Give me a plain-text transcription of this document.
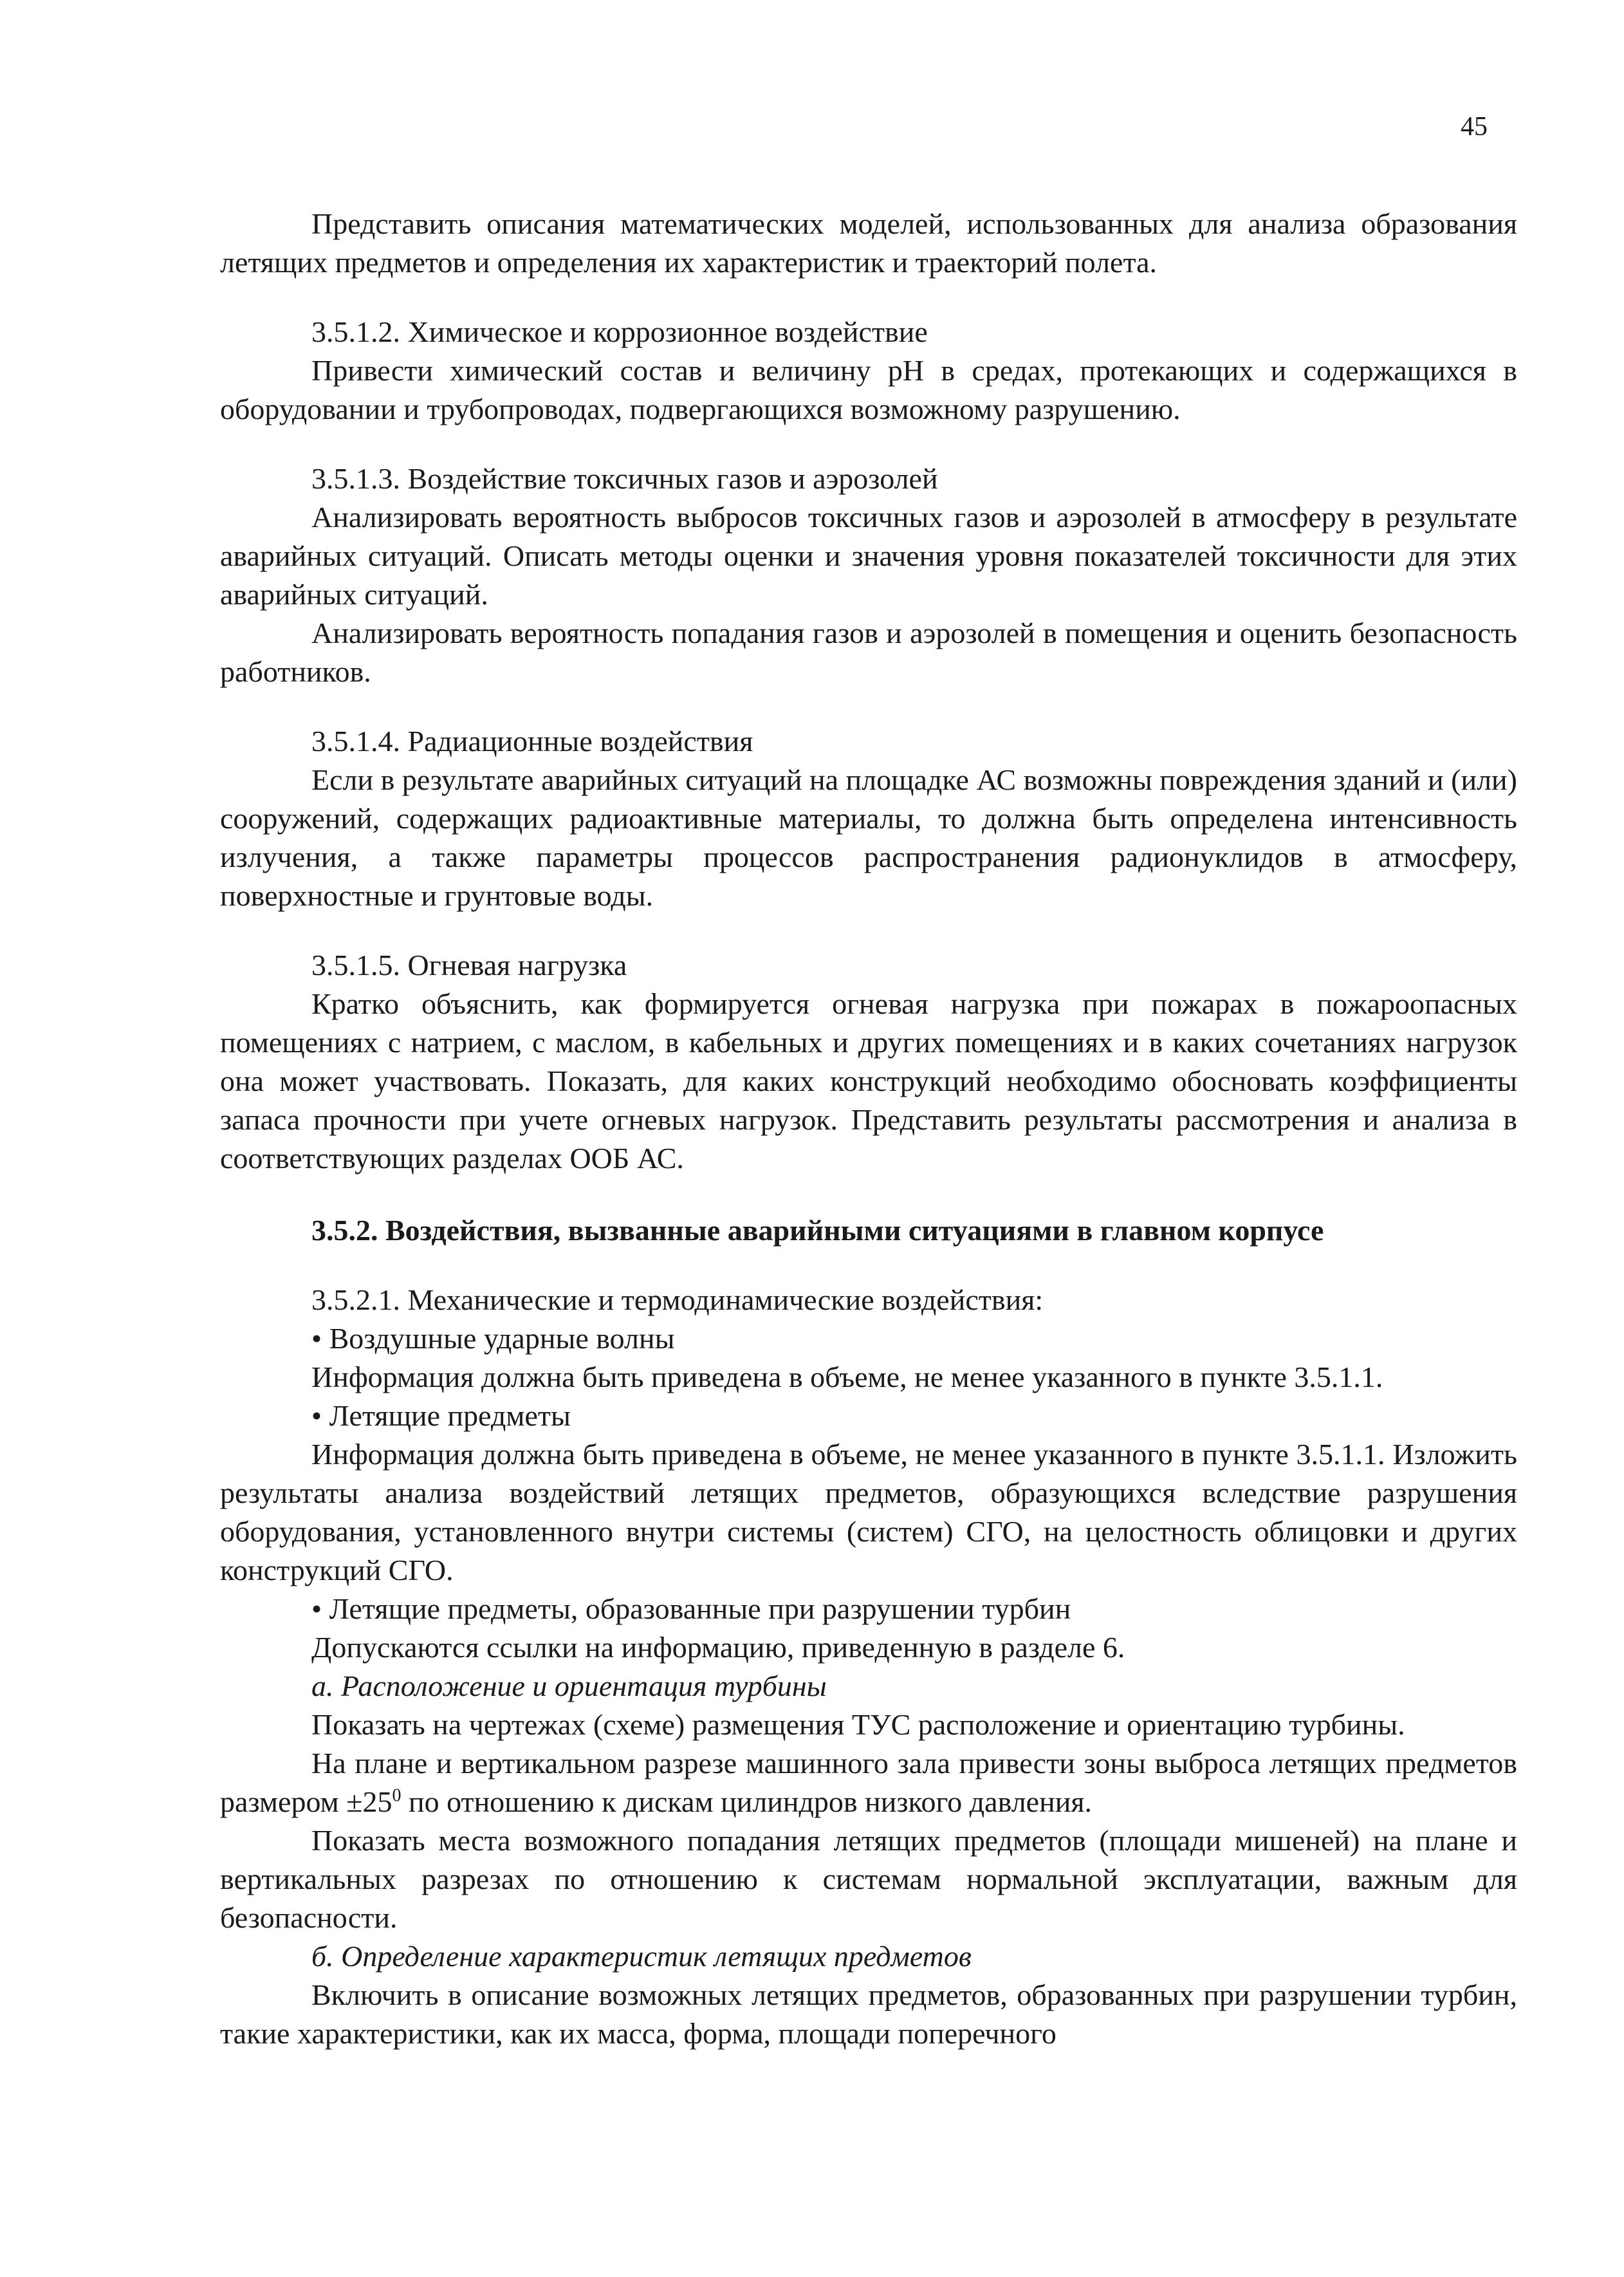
45

Представить описания математических моделей, использованных для анализа образования летящих предметов и определения их характеристик и траекторий полета.

3.5.1.2. Химическое и коррозионное воздействие

Привести химический состав и величину pH в средах, протекающих и содержащихся в оборудовании и трубопроводах, подвергающихся возможному разрушению.

3.5.1.3. Воздействие токсичных газов и аэрозолей

Анализировать вероятность выбросов токсичных газов и аэрозолей в атмосферу в результате аварийных ситуаций. Описать методы оценки и значения уровня показателей токсичности для этих аварийных ситуаций.

Анализировать вероятность попадания газов и аэрозолей в помещения и оценить безопасность работников.

3.5.1.4. Радиационные воздействия

Если в результате аварийных ситуаций на площадке АС возможны повреждения зданий и (или) сооружений, содержащих радиоактивные материалы, то должна быть определена интенсивность излучения, а также параметры процессов распространения радионуклидов в атмосферу, поверхностные и грунтовые воды.

3.5.1.5. Огневая нагрузка

Кратко объяснить, как формируется огневая нагрузка при пожарах в пожароопасных помещениях с натрием, с маслом, в кабельных и других помещениях и в каких сочетаниях нагрузок она может участвовать. Показать, для каких конструкций необходимо обосновать коэффициенты запаса прочности при учете огневых нагрузок. Представить результаты рассмотрения и анализа в соответствующих разделах ООБ АС.

3.5.2. Воздействия, вызванные аварийными ситуациями в главном корпусе

3.5.2.1. Механические и термодинамические воздействия:

• Воздушные ударные волны

Информация должна быть приведена в объеме, не менее указанного в пункте 3.5.1.1.

• Летящие предметы

Информация должна быть приведена в объеме, не менее указанного в пункте 3.5.1.1. Изложить результаты анализа воздействий летящих предметов, образующихся вследствие разрушения оборудования, установленного внутри системы (систем) СГО, на целостность облицовки и других конструкций СГО.

• Летящие предметы, образованные при разрушении турбин

Допускаются ссылки на информацию, приведенную в разделе 6.

а. Расположение и ориентация турбины

Показать на чертежах (схеме) размещения ТУС расположение и ориентацию турбины.

На плане и вертикальном разрезе машинного зала привести зоны выброса летящих предметов размером $\pm 25^0$ по отношению к дискам цилиндров низкого давления.

Показать места возможного попадания летящих предметов (площади мишеней) на плане и вертикальных разрезах по отношению к системам нормальной эксплуатации, важным для безопасности.

б. Определение характеристик летящих предметов

Включить в описание возможных летящих предметов, образованных при разрушении турбин, такие характеристики, как их масса, форма, площади поперечного
